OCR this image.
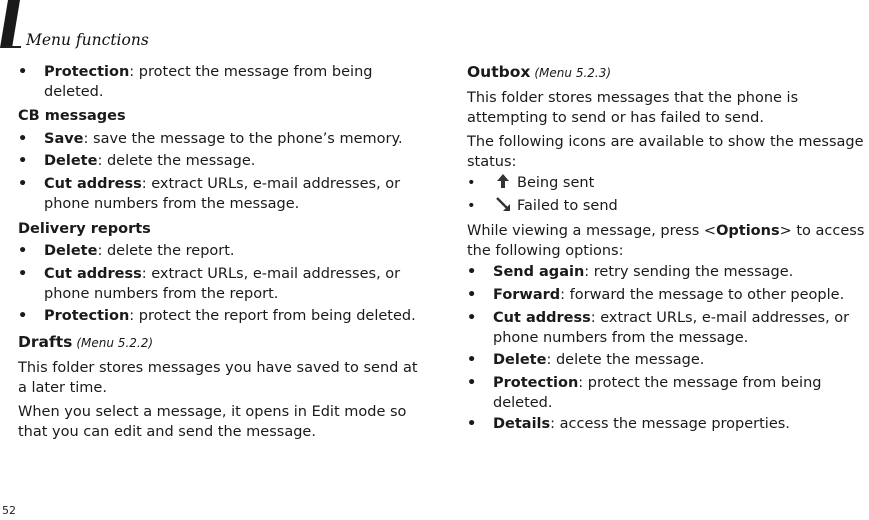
Menu functions
• Protection: protect the message from being deleted.
CB messages
• Save: save the message to the phone’s memory.
• Delete: delete the message.
• Cut address: extract URLs, e-mail addresses, or phone numbers from the message.
Delivery reports
• Delete: delete the report.
• Cut address: extract URLs, e-mail addresses, or phone numbers from the report.
• Protection: protect the report from being deleted.
Drafts (Menu 5.2.2)
This folder stores messages you have saved to send at a later time.
When you select a message, it opens in Edit mode so that you can edit and send the message.
Outbox (Menu 5.2.3)
This folder stores messages that the phone is attempting to send or has failed to send.
The following icons are available to show the message status:
• Being sent
• Failed to send
While viewing a message, press <Options> to access the following options:
• Send again: retry sending the message.
• Forward: forward the message to other people.
• Cut address: extract URLs, e-mail addresses, or phone numbers from the message.
• Delete: delete the message.
• Protection: protect the message from being deleted.
• Details: access the message properties.
52
